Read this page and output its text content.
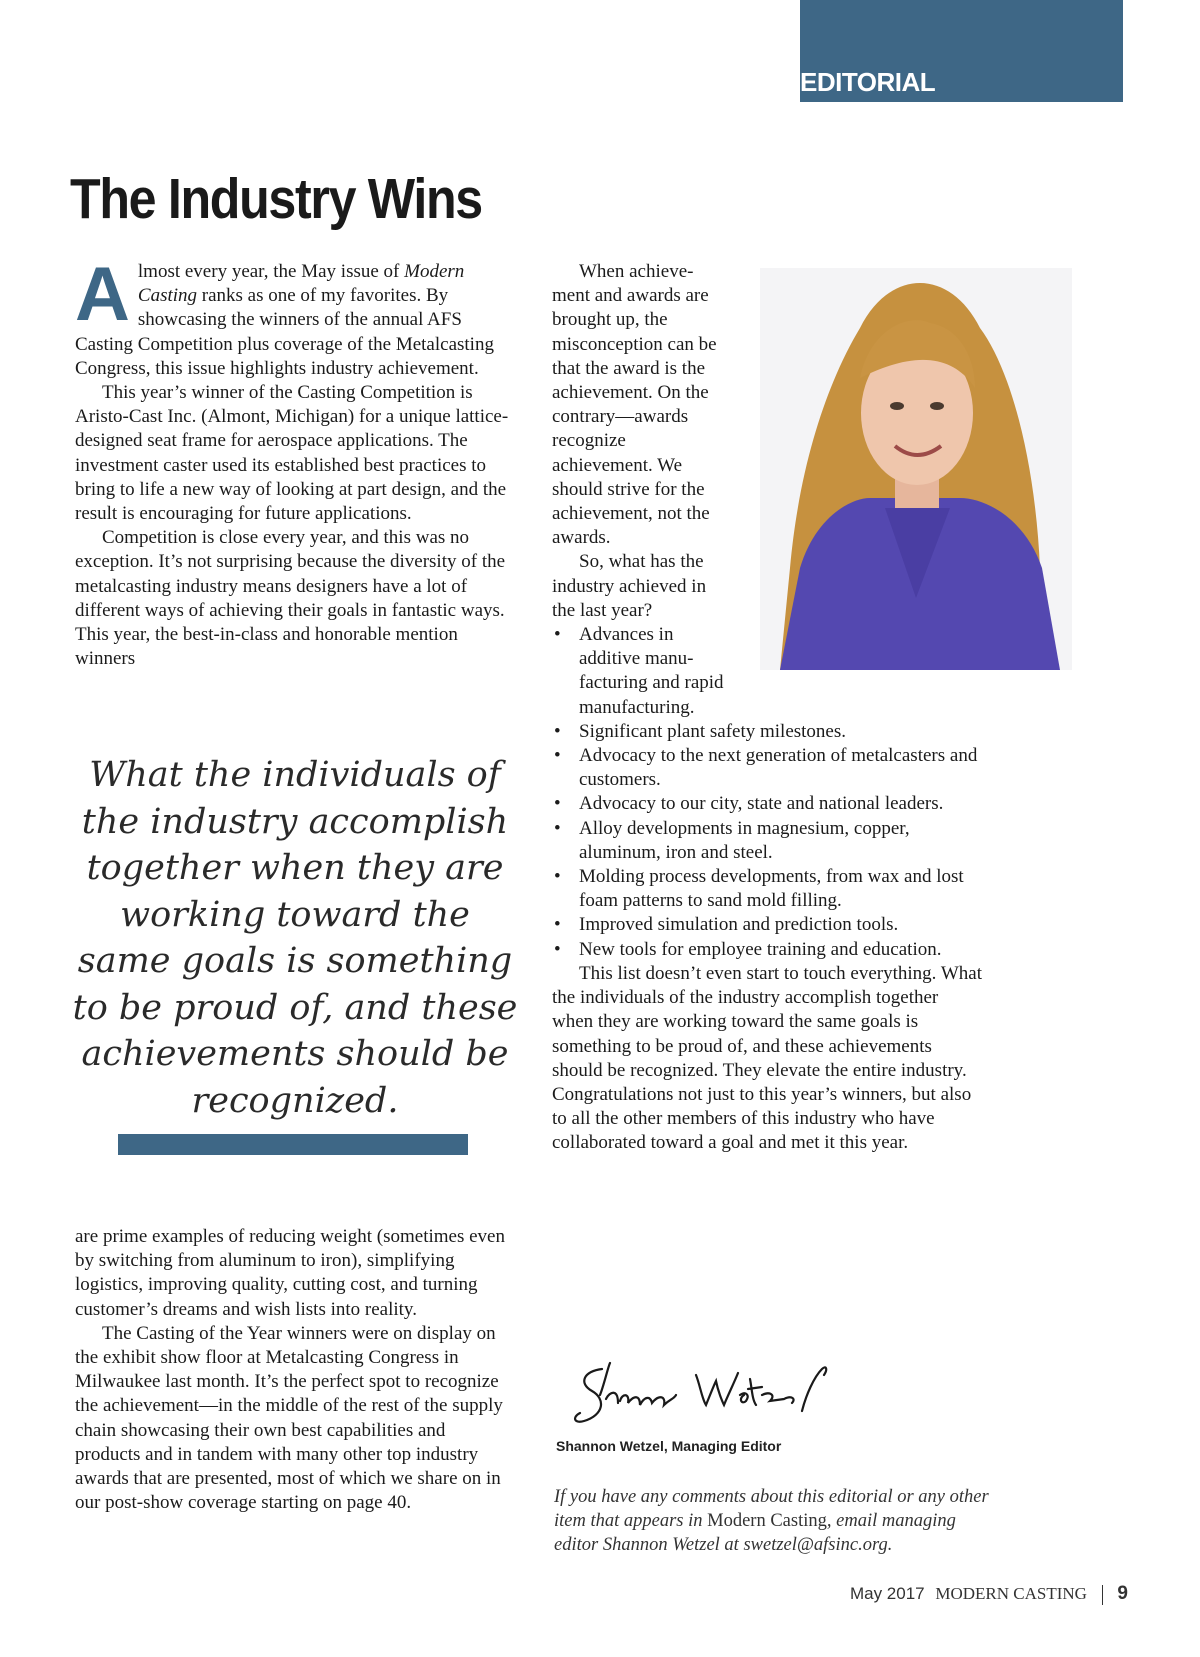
EDITORIAL
The Industry Wins

Almost every year, the May issue of Modern Casting ranks as one of my favorites. By showcasing the winners of the annual AFS Casting Competition plus coverage of the Metalcasting Congress, this issue highlights industry achievement.

This year’s winner of the Casting Competition is Aristo-Cast Inc. (Almont, Michigan) for a unique lattice-designed seat frame for aerospace applications. The investment caster used its established best practices to bring to life a new way of looking at part design, and the result is encouraging for future applications.

Competition is close every year, and this was no exception. It’s not surprising because the diversity of the metalcasting industry means designers have a lot of different ways of achieving their goals in fantastic ways. This year, the best-in-class and honorable mention winners

What the individuals of the industry accomplish together when they are working toward the same goals is something to be proud of, and these achievements should be recognized.

are prime examples of reducing weight (sometimes even by switching from aluminum to iron), simplifying logistics, improving quality, cutting cost, and turning customer’s dreams and wish lists into reality.

The Casting of the Year winners were on display on the exhibit show floor at Metalcasting Congress in Milwaukee last month. It’s the perfect spot to recognize the achievement—in the middle of the rest of the supply chain showcasing their own best capabilities and products and in tandem with many other top industry awards that are presented, most of which we share on in our post-show coverage starting on page 40.

When achievement and awards are brought up, the misconception can be that the award is the achievement. On the contrary—awards recognize achievement. We should strive for the achievement, not the awards.

So, what has the industry achieved in the last year?

• Advances in additive manufacturing and rapid manufacturing.
• Significant plant safety milestones.
• Advocacy to the next generation of metalcasters and customers.
• Advocacy to our city, state and national leaders.
• Alloy developments in magnesium, copper, aluminum, iron and steel.
• Molding process developments, from wax and lost foam patterns to sand mold filling.
• Improved simulation and prediction tools.
• New tools for employee training and education.

This list doesn’t even start to touch everything. What the individuals of the industry accomplish together when they are working toward the same goals is something to be proud of, and these achievements should be recognized. They elevate the entire industry. Congratulations not just to this year’s winners, but also to all the other members of this industry who have collaborated toward a goal and met it this year.

Shannon Wetzel, Managing Editor

If you have any comments about this editorial or any other item that appears in Modern Casting, email managing editor Shannon Wetzel at swetzel@afsinc.org.

May 2017 MODERN CASTING 9
